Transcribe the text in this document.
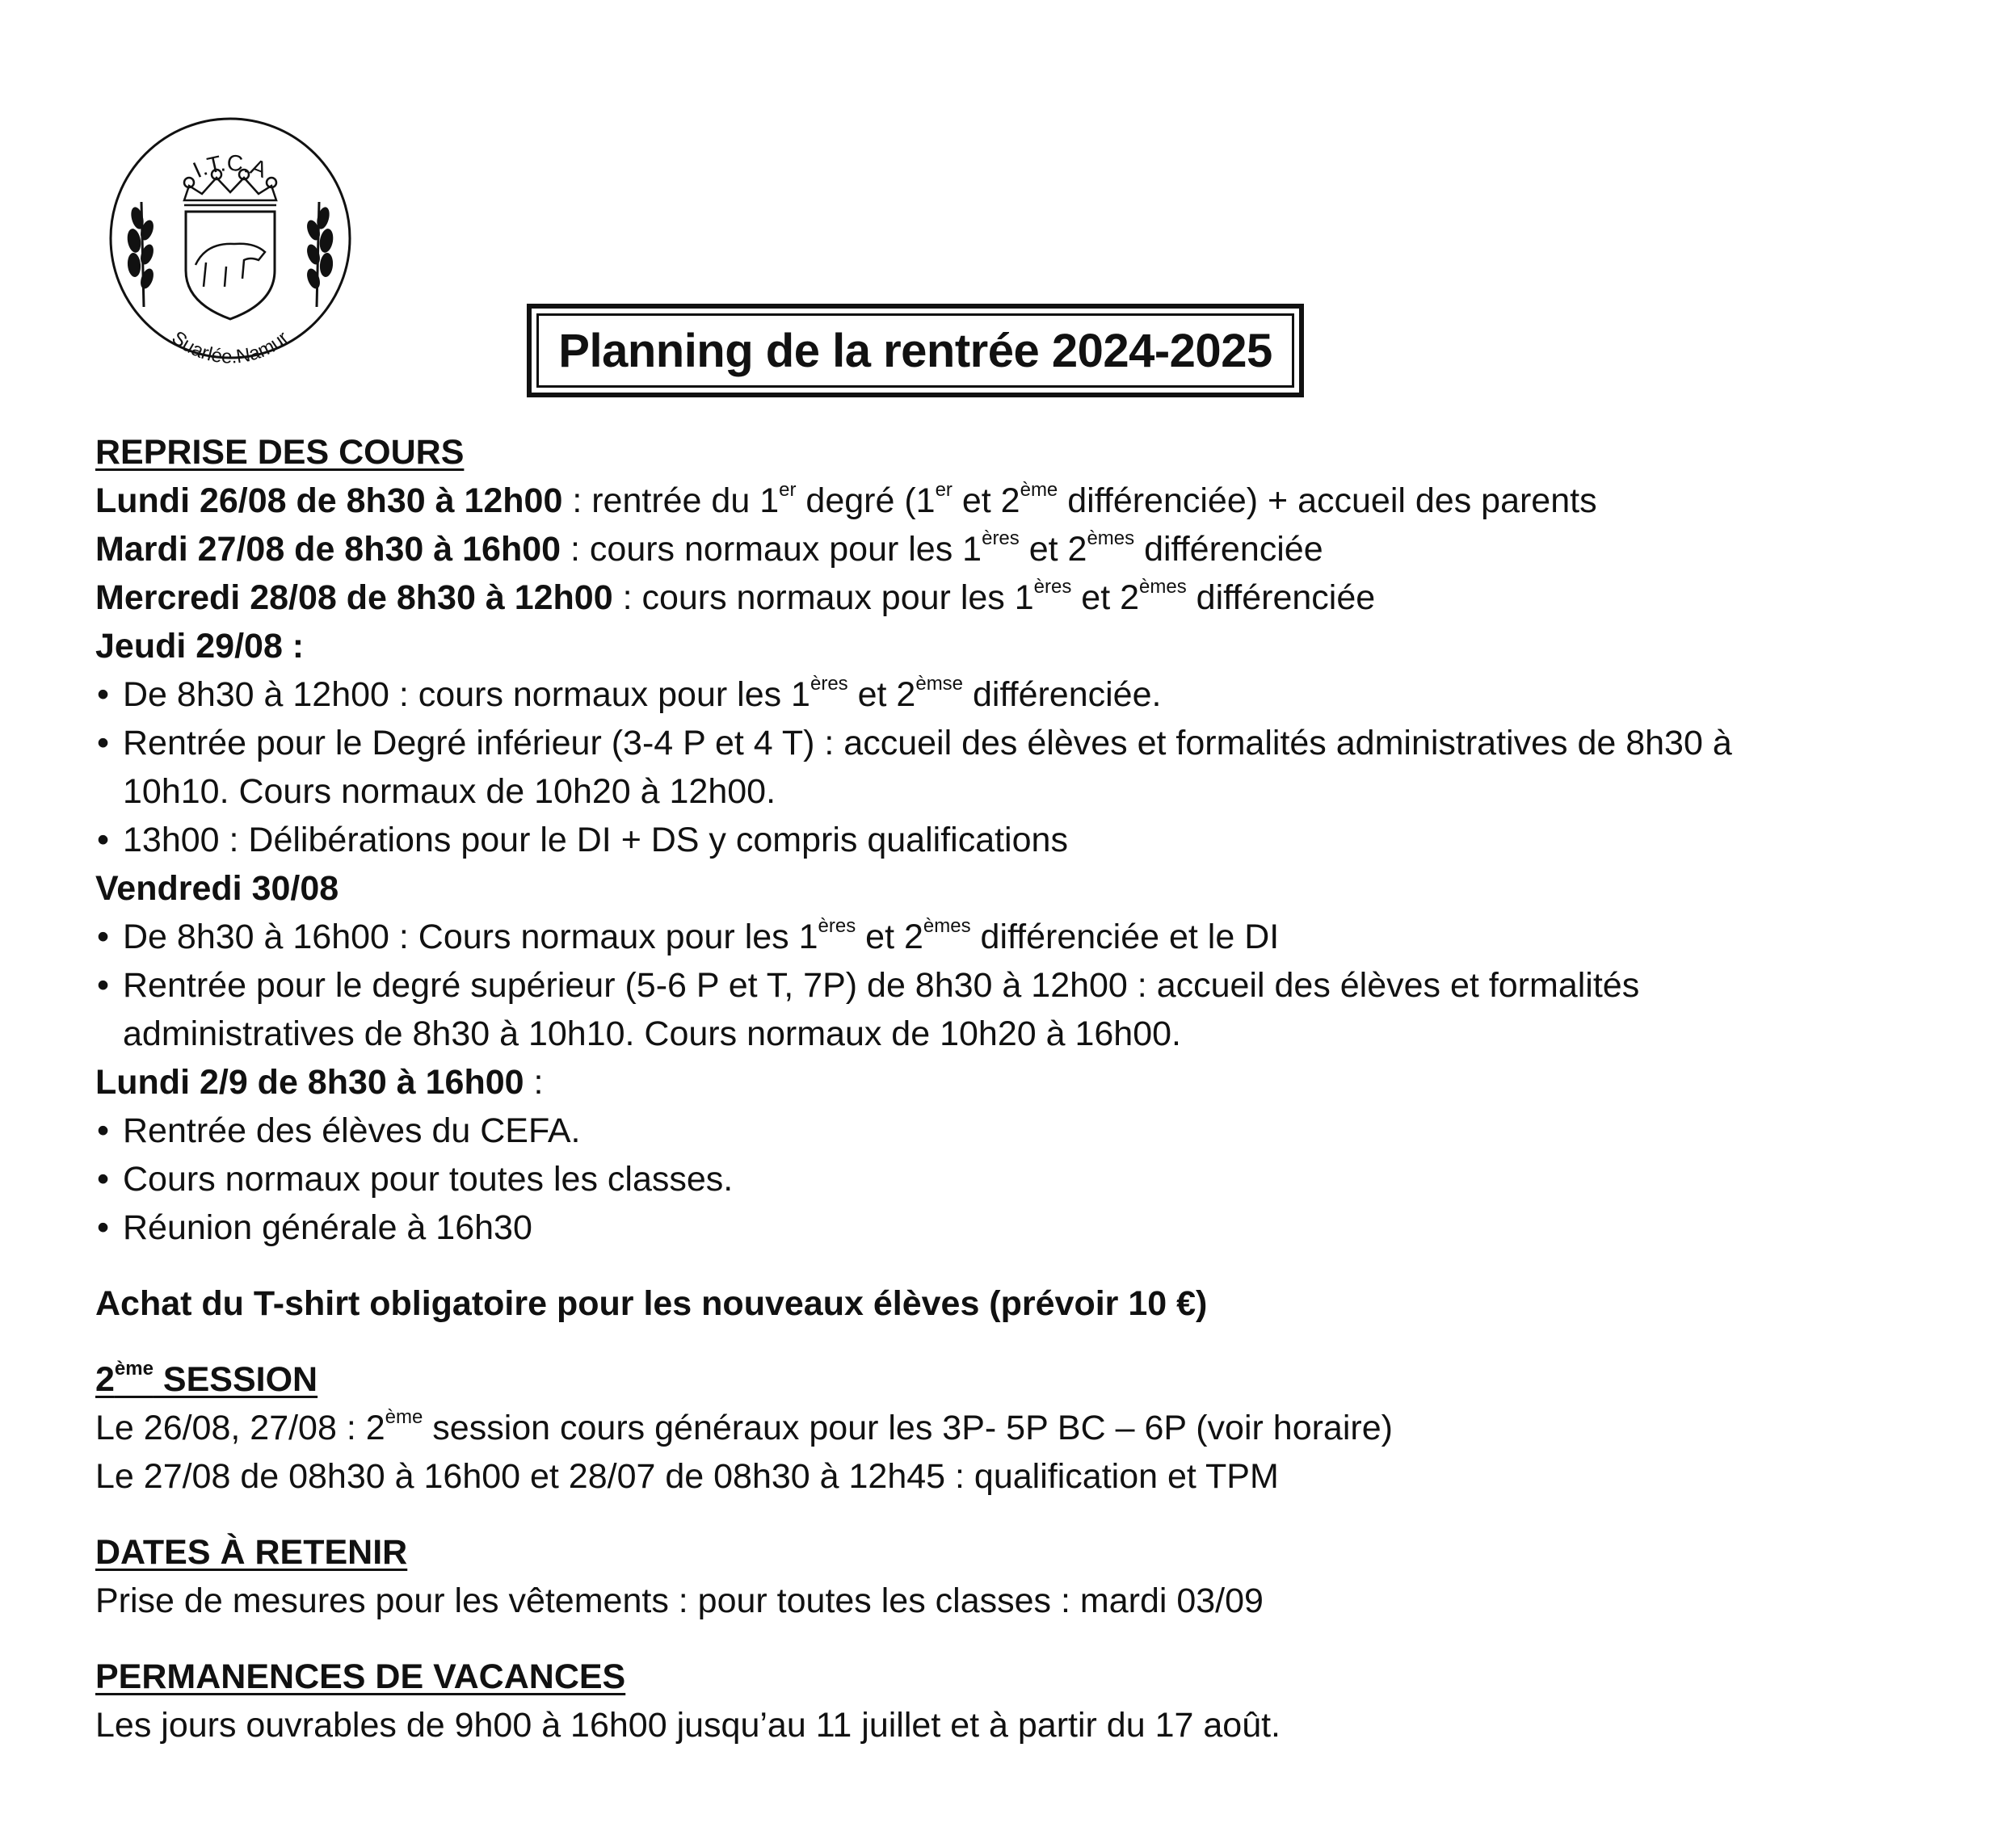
I.T.C.A
Suarlée.Namur	Planning de la rentrée 2024-2025
REPRISE DES COURS
Lundi 26/08 de 8h30 à 12h00 : rentrée du 1er degré (1er et 2ème différenciée) + accueil des parents
Mardi 27/08 de 8h30 à 16h00 : cours normaux pour les 1ères et 2èmes différenciée
Mercredi 28/08 de 8h30 à 12h00 : cours normaux pour les 1ères et 2èmes différenciée
Jeudi 29/08 :
• De 8h30 à 12h00 : cours normaux pour les 1ères et $2^{èmse}$ différenciée.
• Rentrée pour le Degré inférieur (3-4 P et 4 T) : accueil des élèves et formalités administratives de 8h30 à
10h10. Cours normaux de 10h20 à 12h00.
• 13h00 : Délibérations pour le DI + DS y compris qualifications
Vendredi 30/08
• De 8h30 à 16h00 : Cours normaux pour les 1ères et 2èmes différenciée et le DI
• Rentrée pour le degré supérieur (5-6 P et T, 7P) de 8h30 à 12h00 : accueil des élèves et formalités
administratives de 8h30 à 10h10. Cours normaux de 10h20 à 16h00.
Lundi 2/9 de 8h30 à 16h00 :
• Rentrée des élèves du CEFA.
• Cours normaux pour toutes les classes.
• Réunion générale à 16h30
Achat du T-shirt obligatoire pour les nouveaux élèves (prévoir 10 €)
2ème SESSION
Le 26/08, 27/08 : 2ème session cours généraux pour les 3P- 5P BC – 6P (voir horaire)
Le 27/08 de 08h30 à 16h00 et 28/07 de 08h30 à 12h45 : qualification et TPM
DATES À RETENIR
Prise de mesures pour les vêtements : pour toutes les classes : mardi 03/09
PERMANENCES DE VACANCES
Les jours ouvrables de 9h00 à 16h00 jusqu’au 11 juillet et à partir du 17 août.
